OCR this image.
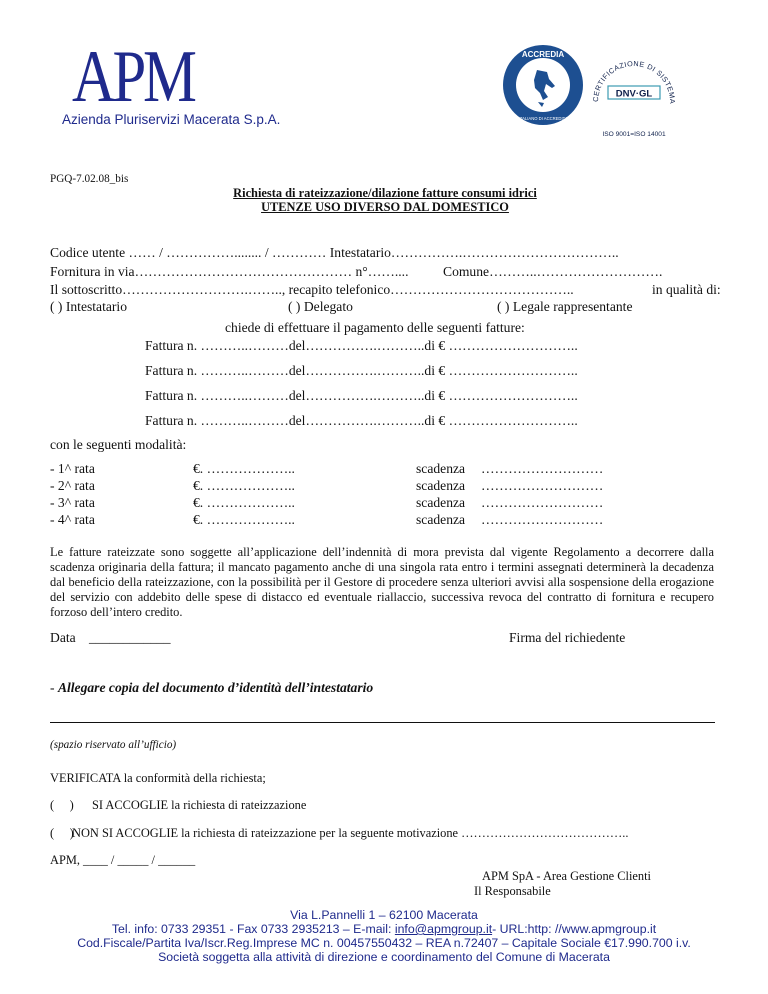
APM
Azienda Pluriservizi Macerata S.p.A.
ACCREDIA
L'ENTE ITALIANO DI ACCREDITAMENTO
CERTIFICAZIONE DI SISTEMA
DNV·GL
ISO 9001=ISO 14001
PGQ-7.02.08_bis
Richiesta di rateizzazione/dilazione fatture consumi idrici
UTENZE USO DIVERSO DAL DOMESTICO
Codice utente …… / ……………........ / ………… Intestatario…………….……………………………..
Fornitura in via………………………………………… n°……....	Comune………..……………………….
Il sottoscritto……………………….…….., recapito telefonico…………………………………..	in qualità di:
( ) Intestatario	( ) Delegato	( ) Legale rappresentante
chiede di effettuare il pagamento delle seguenti fatture:
Fattura n. ………..………del…………….………..di € ………………………..
Fattura n. ………..………del…………….………..di € ………………………..
Fattura n. ………..………del…………….………..di € ………………………..
Fattura n. ………..………del…………….………..di € ………………………..
con le seguenti modalità:
- 1^ rata	€. ………………..	scadenza ………………………
- 2^ rata	€. ………………..	scadenza ………………………
- 3^ rata	€. ………………..	scadenza ………………………
- 4^ rata	€. ………………..	scadenza ………………………
Le fatture rateizzate sono soggette all’applicazione dell’indennità di mora prevista dal vigente Regolamento a decorrere dalla scadenza originaria della fattura; il mancato pagamento anche di una singola rata entro i termini assegnati determinerà la decadenza dal beneficio della rateizzazione, con la possibilità per il Gestore di procedere senza ulteriori avvisi alla sospensione della erogazione del servizio con addebito delle spese di distacco ed eventuale riallaccio, successiva revoca del contratto di fornitura e recupero forzoso dell’intero credito.
Data ____________	Firma del richiedente
- Allegare copia del documento d’identità dell’intestatario
(spazio riservato all’ufficio)
VERIFICATA la conformità della richiesta;
(     ) SI ACCOGLIE la richiesta di rateizzazione
(     )
NON SI ACCOGLIE la richiesta di rateizzazione per la seguente motivazione …………………………………..
APM, ____ / _____ / ______
APM SpA - Area Gestione Clienti
Il Responsabile
Via L.Pannelli 1 – 62100 Macerata
Tel. info: 0733 29351 - Fax 0733 2935213 – E-mail: info@apmgroup.it- URL:http: //www.apmgroup.it
Cod.Fiscale/Partita Iva/Iscr.Reg.Imprese MC n. 00457550432 – REA n.72407 – Capitale Sociale €17.990.700 i.v.
Società soggetta alla attività di direzione e coordinamento del Comune di Macerata
